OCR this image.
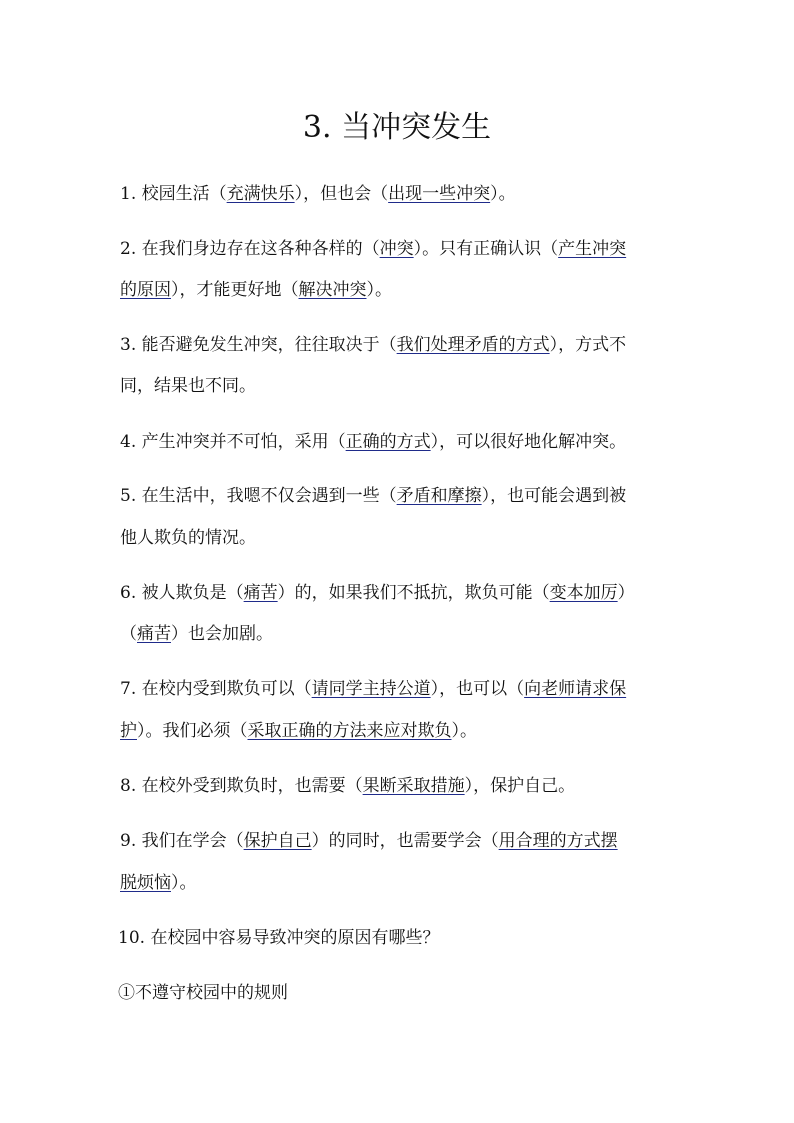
3. 当冲突发生

1. 校园生活（充满快乐），但也会（出现一些冲突）。

2. 在我们身边存在这各种各样的（冲突）。只有正确认识（产生冲突

的原因），才能更好地（解决冲突）。

3. 能否避免发生冲突，往往取决于（我们处理矛盾的方式），方式不

同，结果也不同。

4. 产生冲突并不可怕，采用（正确的方式），可以很好地化解冲突。

5. 在生活中，我嗯不仅会遇到一些（矛盾和摩擦），也可能会遇到被

他人欺负的情况。

6. 被人欺负是（痛苦）的，如果我们不抵抗，欺负可能（变本加厉）

（痛苦）也会加剧。

7. 在校内受到欺负可以（请同学主持公道），也可以（向老师请求保

护）。我们必须（采取正确的方法来应对欺负）。

8. 在校外受到欺负时，也需要（果断采取措施），保护自己。

9. 我们在学会（保护自己）的同时，也需要学会（用合理的方式摆

脱烦恼）。

10. 在校园中容易导致冲突的原因有哪些？

①不遵守校园中的规则
